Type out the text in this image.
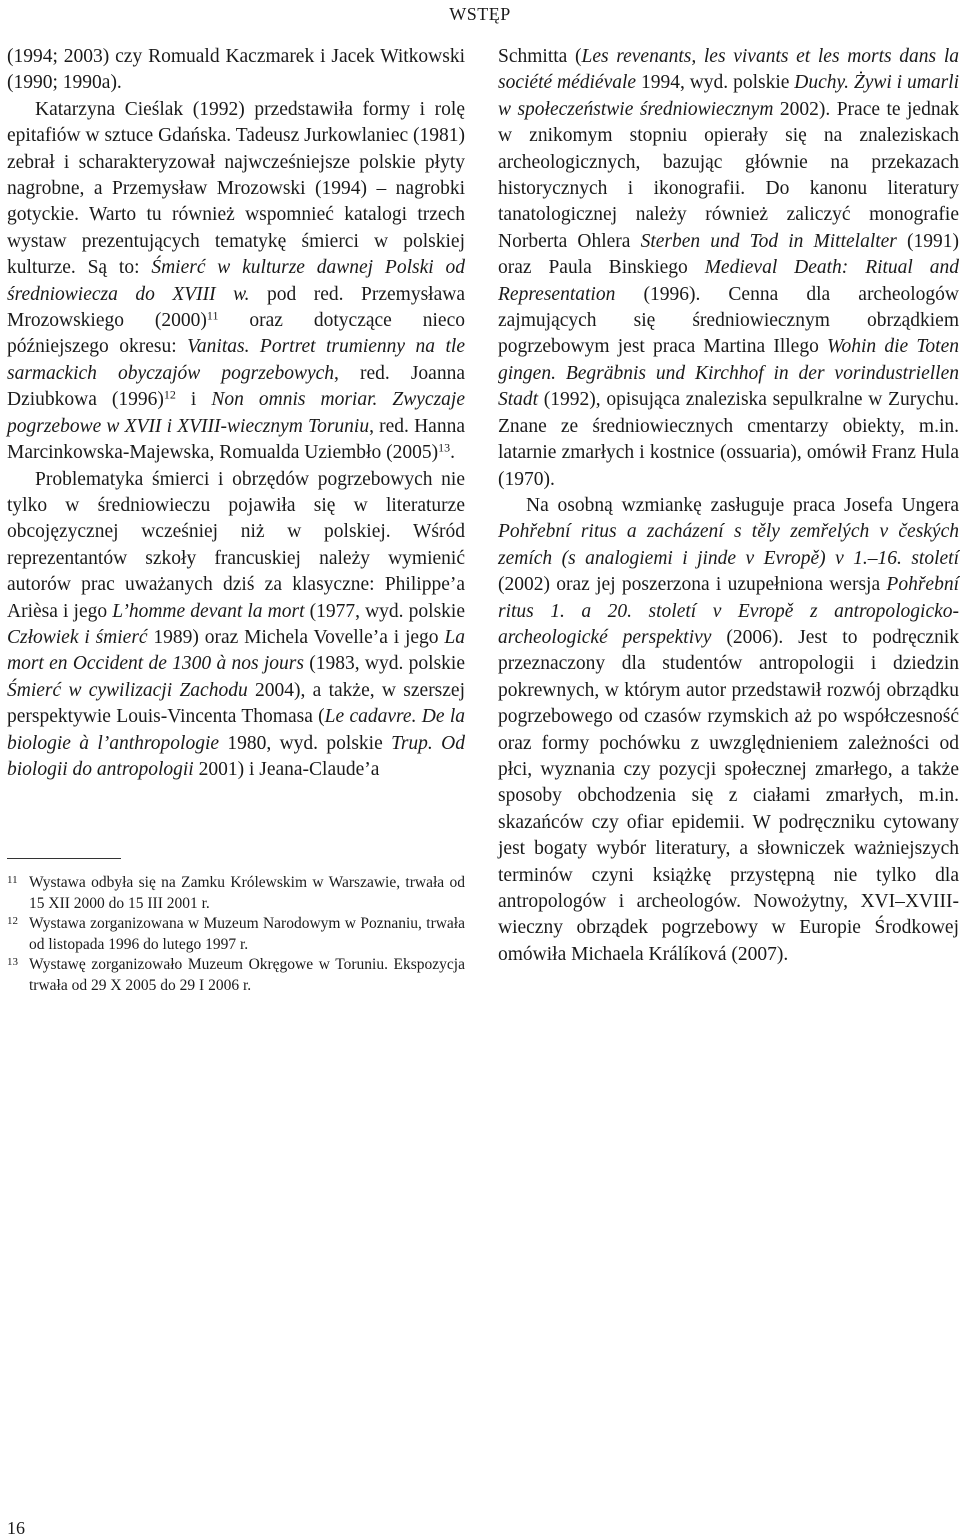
WSTĘP

(1994; 2003) czy Romuald Kaczmarek i Jacek Witkowski (1990; 1990a).

Katarzyna Cieślak (1992) przedstawiła formy i rolę epitafiów w sztuce Gdańska. Tadeusz Jurkowlaniec (1981) zebrał i scharakteryzował najwcześniejsze polskie płyty nagrobne, a Przemysław Mrozowski (1994) – nagrobki gotyckie. Warto tu również wspomnieć katalogi trzech wystaw prezentujących tematykę śmierci w polskiej kulturze. Są to: Śmierć w kulturze dawnej Polski od średniowiecza do XVIII w. pod red. Przemysława Mrozowskiego $(2000)^{11}$ oraz dotyczące nieco późniejszego okresu: Vanitas. Portret trumienny na tle sarmackich obyczajów pogrzebowych, red. Joanna Dziubkowa $(1996)^{12}$ i Non omnis moriar. Zwyczaje pogrzebowe w XVII i XVIII-wiecznym Toruniu, red. Hanna Marcinkowska-Majewska, Romualda Uziembło $(2005)^{13}$.

Problematyka śmierci i obrzędów pogrzebowych nie tylko w średniowieczu pojawiła się w literaturze obcojęzycznej wcześniej niż w polskiej. Wśród reprezentantów szkoły francuskiej należy wymienić autorów prac uważanych dziś za klasyczne: Philippe’a Arièsa i jego L’homme devant la mort (1977, wyd. polskie Człowiek i śmierć 1989) oraz Michela Vovelle’a i jego La mort en Occident de 1300 à nos jours (1983, wyd. polskie Śmierć w cywilizacji Zachodu 2004), a także, w szerszej perspektywie Louis-Vincenta Thomasa (Le cadavre. De la biologie à l’anthropologie 1980, wyd. polskie Trup. Od biologii do antropologii 2001) i Jeana-Claude’a

11 Wystawa odbyła się na Zamku Królewskim w Warszawie, trwała od 15 XII 2000 do 15 III 2001 r.
12 Wystawa zorganizowana w Muzeum Narodowym w Poznaniu, trwała od listopada 1996 do lutego 1997 r.
13 Wystawę zorganizowało Muzeum Okręgowe w Toruniu. Ekspozycja trwała od 29 X 2005 do 29 I 2006 r.

Schmitta (Les revenants, les vivants et les morts dans la société médiévale 1994, wyd. polskie Duchy. Żywi i umarli w społeczeństwie średniowiecznym 2002). Prace te jednak w znikomym stopniu opierały się na znaleziskach archeologicznych, bazując głównie na przekazach historycznych i ikonografii. Do kanonu literatury tanatologicznej należy również zaliczyć monografie Norberta Ohlera Sterben und Tod in Mittelalter (1991) oraz Paula Binskiego Medieval Death: Ritual and Representation (1996). Cenna dla archeologów zajmujących się średniowiecznym obrządkiem pogrzebowym jest praca Martina Illego Wohin die Toten gingen. Begräbnis und Kirchhof in der vorindustriellen Stadt (1992), opisująca znaleziska sepulkralne w Zurychu. Znane ze średniowiecznych cmentarzy obiekty, m.in. latarnie zmarłych i kostnice (ossuaria), omówił Franz Hula (1970).

Na osobną wzmiankę zasługuje praca Josefa Ungera Pohřební ritus a zacházení s těly zemřelých v českých zemích (s analogiemi i jinde v Evropě) v 1.–16. století (2002) oraz jej poszerzona i uzupełniona wersja Pohřební ritus 1. a 20. století v Evropě z antropologicko-archeologické perspektivy (2006). Jest to podręcznik przeznaczony dla studentów antropologii i dziedzin pokrewnych, w którym autor przedstawił rozwój obrządku pogrzebowego od czasów rzymskich aż po współczesność oraz formy pochówku z uwzględnieniem zależności od płci, wyznania czy pozycji społecznej zmarłego, a także sposoby obchodzenia się z ciałami zmarłych, m.in. skazańców czy ofiar epidemii. W podręczniku cytowany jest bogaty wybór literatury, a słowniczek ważniejszych terminów czyni książkę przystępną nie tylko dla antropologów i archeologów. Nowożytny, XVI–XVIII-wieczny obrządek pogrzebowy w Europie Środkowej omówiła Michaela Králíková (2007).

16
